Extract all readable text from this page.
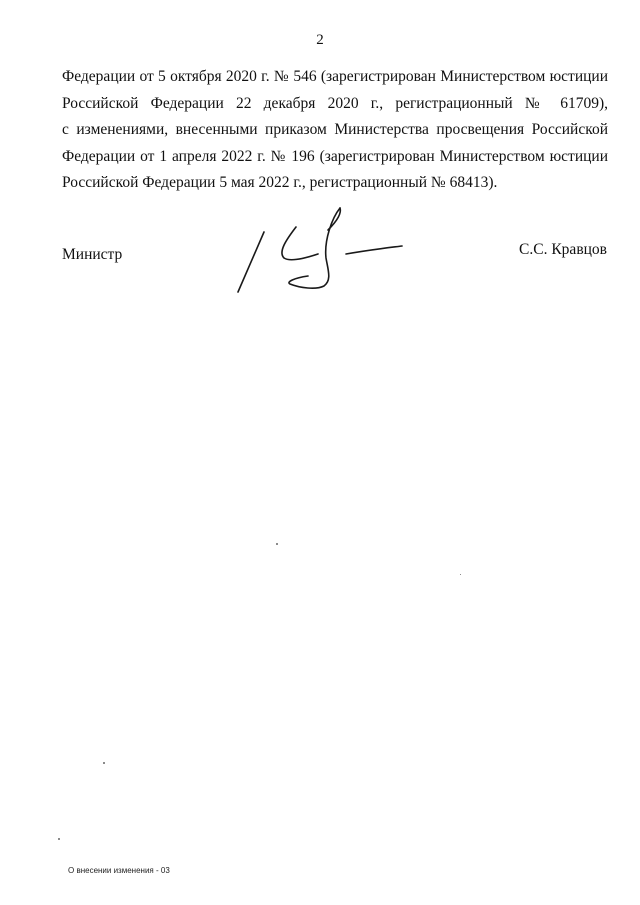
2
Федерации от 5 октября 2020 г. № 546 (зарегистрирован Министерством юстиции
Российской Федерации 22 декабря 2020 г., регистрационный № 61709),
с изменениями, внесенными приказом Министерства просвещения Российской
Федерации от 1 апреля 2022 г. № 196 (зарегистрирован Министерством юстиции
Российской Федерации 5 мая 2022 г., регистрационный № 68413).
Министр	С.С. Кравцов
О внесении изменения - 03
